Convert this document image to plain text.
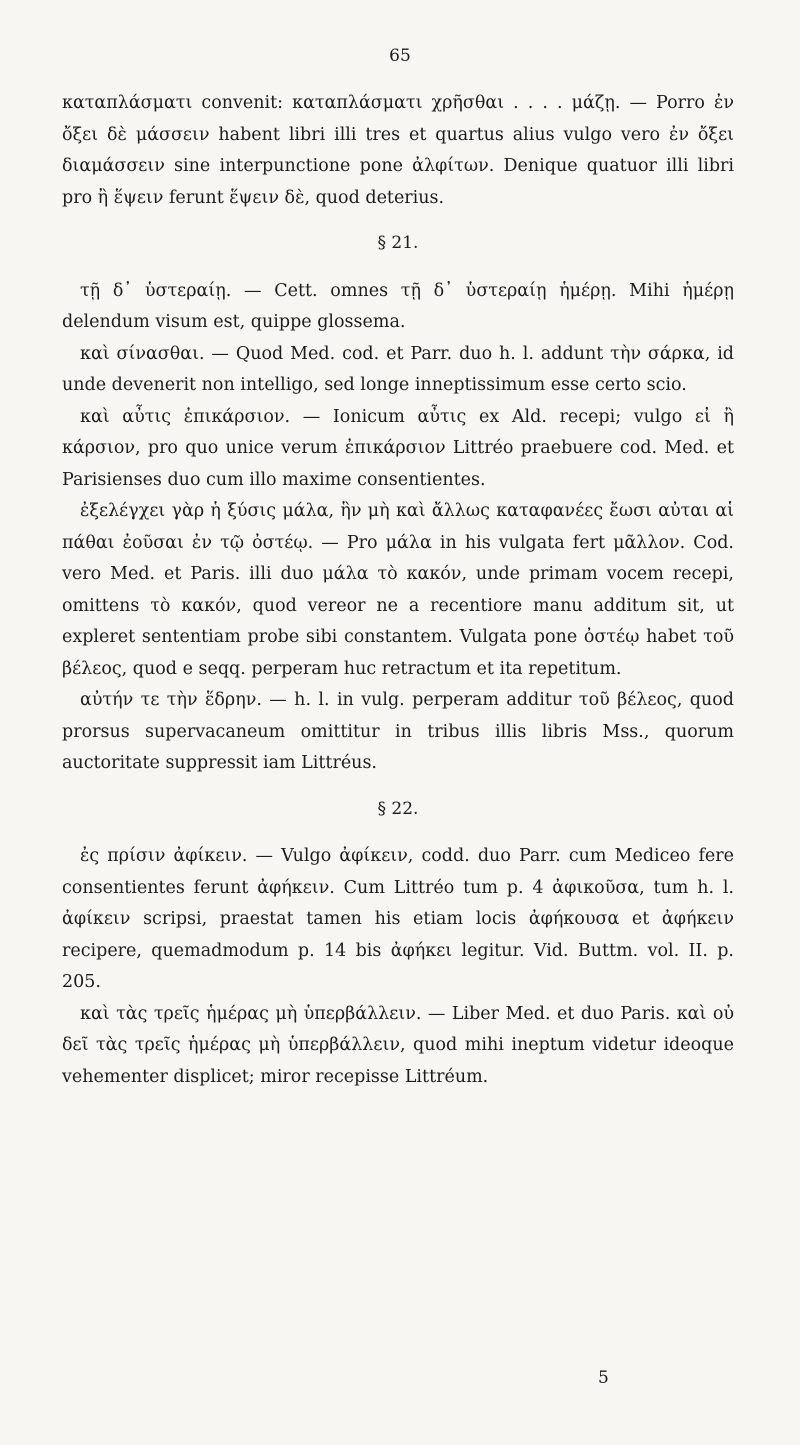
65

καταπλάσματι convenit: καταπλάσματι χρῆσθαι . . . . μάζῃ. — Porro ἐν ὄξει δὲ μάσσειν habent libri illi tres et quartus alius vulgo vero ἐν ὄξει διαμάσσειν sine interpunctione pone ἀλφίτων. Denique quatuor illi libri pro ἢ ἕψειν ferunt ἕψειν δὲ, quod deterius.

§ 21.

τῇ δ᾽ ὑστεραίῃ. — Cett. omnes τῇ δ᾽ ὑστεραίῃ ἡμέρῃ. Mihi ἡμέρῃ delendum visum est, quippe glossema.

καὶ σίνασθαι. — Quod Med. cod. et Parr. duo h. l. addunt τὴν σάρκα, id unde devenerit non intelligo, sed longe inneptissimum esse certo scio.

καὶ αὖτις ἐπικάρσιον. — Ionicum αὖτις ex Ald. recepi; vulgo εἰ ἢ κάρσιον, pro quo unice verum ἐπικάρσιον Littréo praebuere cod. Med. et Parisienses duo cum illo maxime consentientes.

ἐξελέγχει γὰρ ἡ ξύσις μάλα, ἣν μὴ καὶ ἄλλως καταφανέες ἔωσι αὐται αἱ πάθαι ἐοῦσαι ἐν τῷ ὀστέῳ. — Pro μάλα in his vulgata fert μᾶλλον. Cod. vero Med. et Paris. illi duo μάλα τὸ κακόν, unde primam vocem recepi, omittens τὸ κακόν, quod vereor ne a recentiore manu additum sit, ut expleret sententiam probe sibi constantem. Vulgata pone ὀστέῳ habet τοῦ βέλεος, quod e seqq. perperam huc retractum et ita repetitum.

αὐτήν τε τὴν ἕδρην. — h. l. in vulg. perperam additur τοῦ βέλεος, quod prorsus supervacaneum omittitur in tribus illis libris Mss., quorum auctoritate suppressit iam Littréus.

§ 22.

ἐς πρίσιν ἀφίκειν. — Vulgo ἀφίκειν, codd. duo Parr. cum Mediceo fere consentientes ferunt ἀφήκειν. Cum Littréo tum p. 4 ἀφικοῦσα, tum h. l. ἀφίκειν scripsi, praestat tamen his etiam locis ἀφήκουσα et ἀφήκειν recipere, quemadmodum p. 14 bis ἀφήκει legitur. Vid. Buttm. vol. II. p. 205.

καὶ τὰς τρεῖς ἡμέρας μὴ ὑπερβάλλειν. — Liber Med. et duo Paris. καὶ οὐ δεῖ τὰς τρεῖς ἡμέρας μὴ ὑπερβάλλειν, quod mihi ineptum videtur ideoque vehementer displicet; miror recepisse Littréum.

5
